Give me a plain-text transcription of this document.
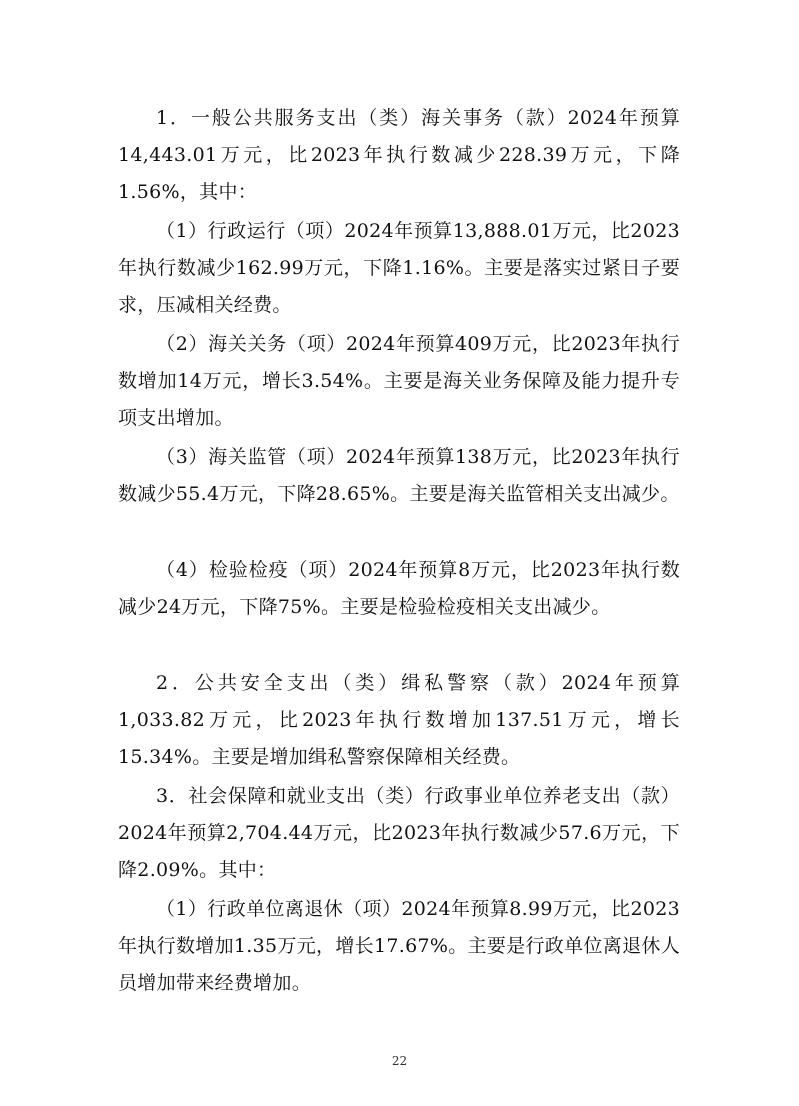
1．一般公共服务支出（类）海关事务（款）2024年预算14,443.01万元，比2023年执行数减少228.39万元，下降1.56%，其中：

（1）行政运行（项）2024年预算13,888.01万元，比2023年执行数减少162.99万元，下降1.16%。主要是落实过紧日子要求，压减相关经费。

（2）海关关务（项）2024年预算409万元，比2023年执行数增加14万元，增长3.54%。主要是海关业务保障及能力提升专项支出增加。

（3）海关监管（项）2024年预算138万元，比2023年执行数减少55.4万元，下降28.65%。主要是海关监管相关支出减少。

（4）检验检疫（项）2024年预算8万元，比2023年执行数减少24万元，下降75%。主要是检验检疫相关支出减少。

2．公共安全支出（类）缉私警察（款）2024年预算1,033.82万元，比2023年执行数增加137.51万元，增长15.34%。主要是增加缉私警察保障相关经费。

3．社会保障和就业支出（类）行政事业单位养老支出（款）2024年预算2,704.44万元，比2023年执行数减少57.6万元，下降2.09%。其中：

（1）行政单位离退休（项）2024年预算8.99万元，比2023年执行数增加1.35万元，增长17.67%。主要是行政单位离退休人员增加带来经费增加。

22
